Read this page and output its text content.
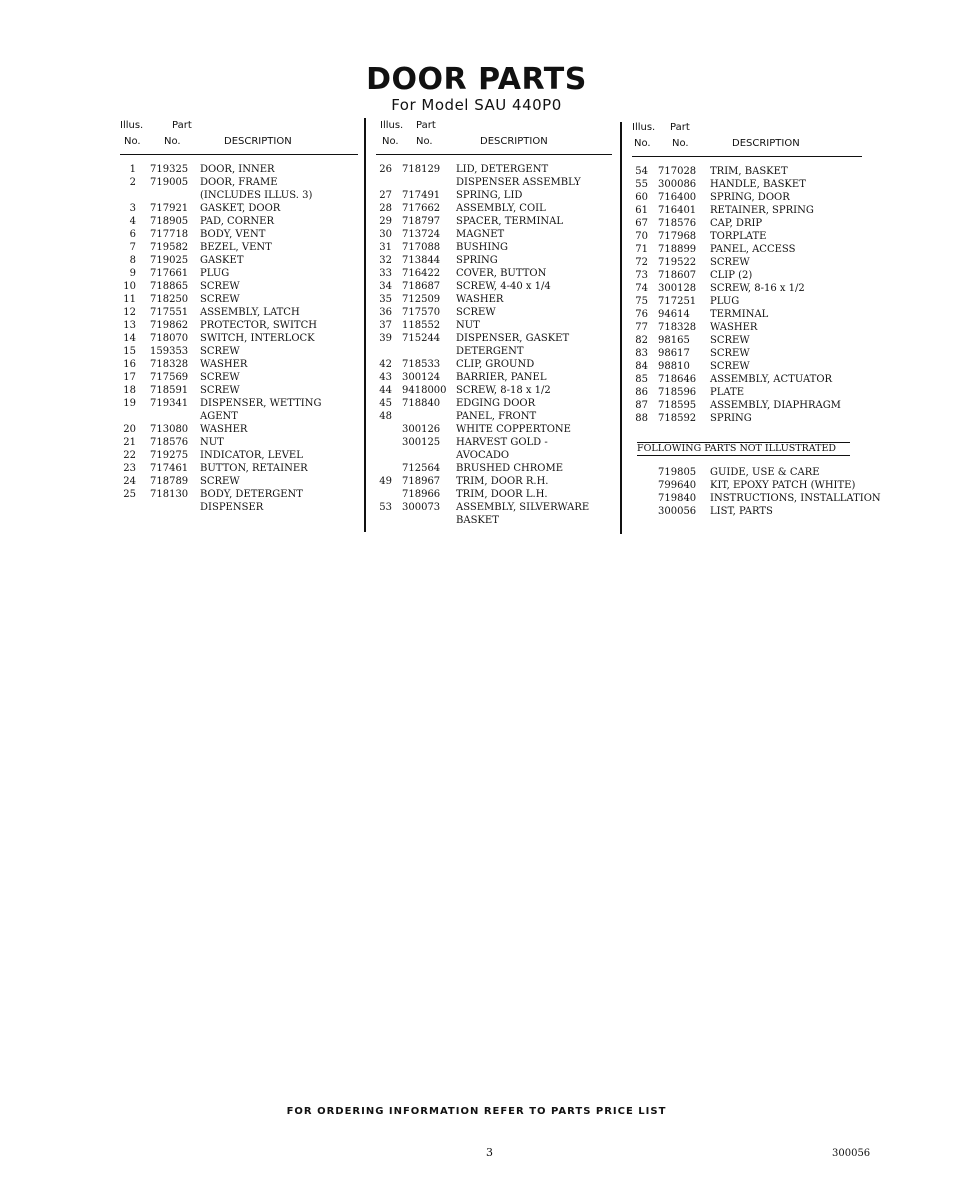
DOOR PARTS
For Model SAU 440P0
Illus.	Part
No. No.	DESCRIPTION
1 719325 DOOR, INNER
2 719005 DOOR, FRAME
(INCLUDES ILLUS. 3)
3 717921 GASKET, DOOR
4 718905 PAD, CORNER
6 717718 BODY, VENT
7 719582 BEZEL, VENT
8 719025 GASKET
9 717661 PLUG
10 718865 SCREW
11 718250 SCREW
12 717551 ASSEMBLY, LATCH
13 719862 PROTECTOR, SWITCH
14 718070 SWITCH, INTERLOCK
15 159353 SCREW
16 718328 WASHER
17 717569 SCREW
18 718591 SCREW
19 719341 DISPENSER, WETTING
AGENT
20 713080 WASHER
21 718576 NUT
22 719275 INDICATOR, LEVEL
23 717461 BUTTON, RETAINER
24 718789 SCREW
25 718130 BODY, DETERGENT
DISPENSER
Illus. Part
No. No.	DESCRIPTION
26 718129 LID, DETERGENT
DISPENSER ASSEMBLY
27 717491 SPRING, LID
28 717662 ASSEMBLY, COIL
29 718797 SPACER, TERMINAL
30 713724 MAGNET
31 717088 BUSHING
32 713844 SPRING
33 716422 COVER, BUTTON
34 718687 SCREW, 4-40 x 1/4
35 712509 WASHER
36 717570 SCREW
37 118552 NUT
39 715244 DISPENSER, GASKET
DETERGENT
42 718533 CLIP, GROUND
43 300124 BARRIER, PANEL
44 9418000 SCREW, 8-18 x 1/2
45 718840 EDGING DOOR
48	PANEL, FRONT
300126 WHITE COPPERTONE
300125 HARVEST GOLD -
AVOCADO
712564 BRUSHED CHROME
49 718967 TRIM, DOOR R.H.
718966 TRIM, DOOR L.H.
53 300073 ASSEMBLY, SILVERWARE
BASKET
Illus. Part
No. No.	DESCRIPTION
54 717028 TRIM, BASKET
55 300086 HANDLE, BASKET
60 716400 SPRING, DOOR
61 716401 RETAINER, SPRING
67 718576 CAP, DRIP
70 717968 TORPLATE
71 718899 PANEL, ACCESS
72 719522 SCREW
73 718607 CLIP (2)
74 300128 SCREW, 8-16 x 1/2
75 717251 PLUG
76 94614 TERMINAL
77 718328 WASHER
82 98165 SCREW
83 98617 SCREW
84 98810 SCREW
85 718646 ASSEMBLY, ACTUATOR
86 718596 PLATE
87 718595 ASSEMBLY, DIAPHRAGM
88 718592 SPRING
FOLLOWING PARTS NOT ILLUSTRATED
719805 GUIDE, USE & CARE
799640 KIT, EPOXY PATCH (WHITE)
719840 INSTRUCTIONS, INSTALLATION
300056 LIST, PARTS
FOR ORDERING INFORMATION REFER TO PARTS PRICE LIST
3	300056
